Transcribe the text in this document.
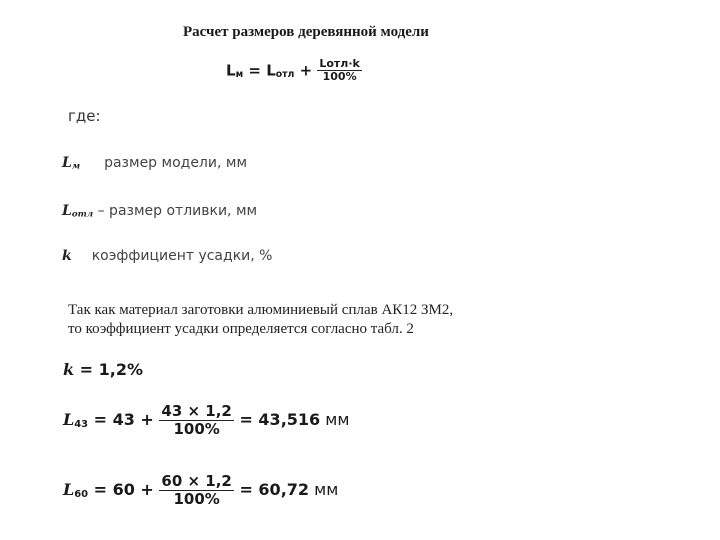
Расчет размеров деревянной модели
$L_м = L_{отл} + \frac{\text{Lотл·k}}{100\%}$
где:
$L_м$ размер модели, мм
$L_{отл}$ – размер отливки, мм
k коэффициент усадки, %
Так как материал заготовки алюминиевый сплав АК12 ЗМ2,
то коэффициент усадки определяется согласно табл. 2
k = 1,2%
$L_{43} = 43 + \frac{43 \times 1,2}{100\%} = 43,516$ мм
$L_{60} = 60 + \frac{60 \times 1,2}{100\%} = 60,72$ мм
